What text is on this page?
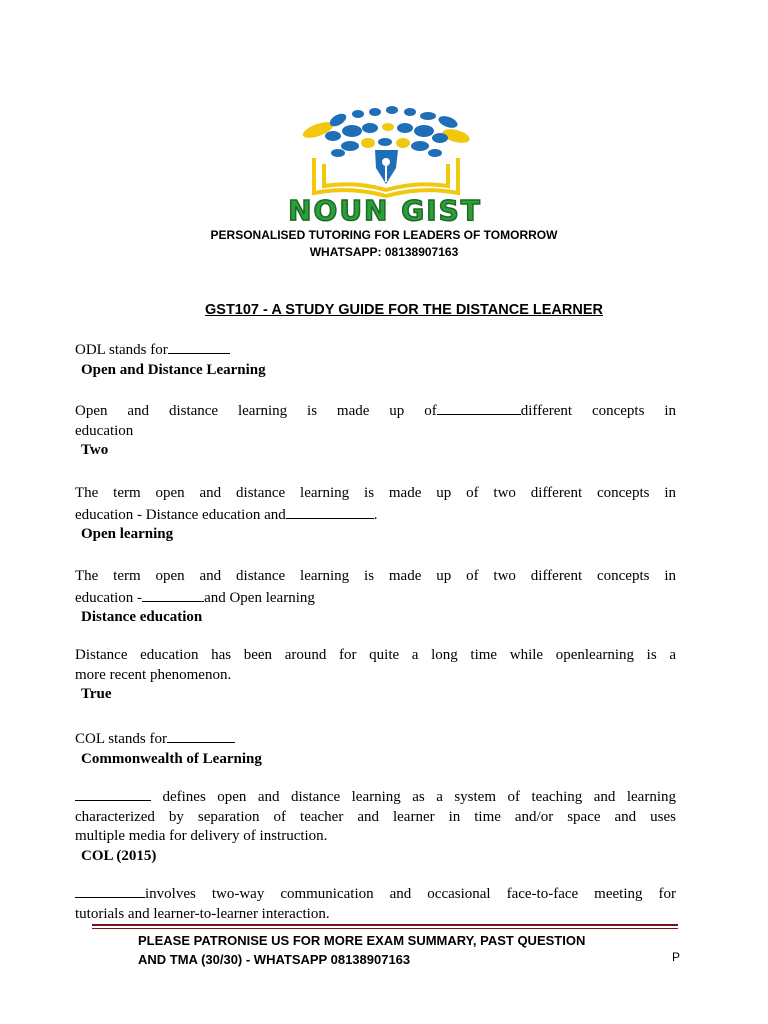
NOUN GIST
PERSONALISED TUTORING FOR LEADERS OF TOMORROW
WHATSAPP: 08138907163
GST107 - A STUDY GUIDE FOR THE DISTANCE LEARNER
ODL stands for
Open and Distance Learning
Open and distance learning is made up of	different concepts in
education
Two
The term open and distance learning is made up of two different concepts in
education - Distance education and	.
Open learning
The term open and distance learning is made up of two different concepts in
education -	and Open learning
Distance education
Distance education has been around for quite a long time while openlearning is a
more recent phenomenon.
True
COL stands for
Commonwealth of Learning
defines open and distance learning as a system of teaching and learning
characterized by separation of teacher and learner in time and/or space and uses
multiple media for delivery of instruction.
COL (2015)
involves two-way communication and occasional face-to-face meeting for
tutorials and learner-to-learner interaction.
PLEASE PATRONISE US FOR MORE EXAM SUMMARY, PAST QUESTION
AND TMA (30/30) - WHATSAPP 08138907163	P
